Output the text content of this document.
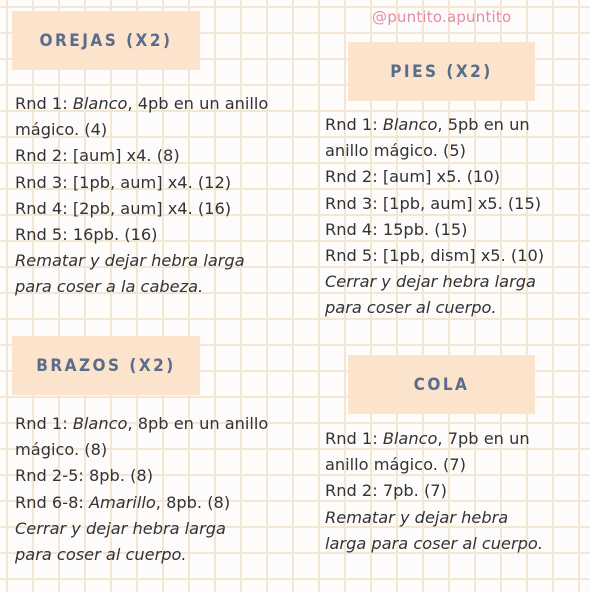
@puntito.apuntito
OREJAS (X2)
Rnd 1: Blanco, 4pb en un anillo
mágico. (4)
Rnd 2: [aum] x4. (8)
Rnd 3: [1pb, aum] x4. (12)
Rnd 4: [2pb, aum] x4. (16)
Rnd 5: 16pb. (16)
Rematar y dejar hebra larga
para coser a la cabeza.
PIES (X2)
Rnd 1: Blanco, 5pb en un
anillo mágico. (5)
Rnd 2: [aum] x5. (10)
Rnd 3: [1pb, aum] x5. (15)
Rnd 4: 15pb. (15)
Rnd 5: [1pb, dism] x5. (10)
Cerrar y dejar hebra larga
para coser al cuerpo.
BRAZOS (X2)
Rnd 1: Blanco, 8pb en un anillo
mágico. (8)
Rnd 2-5: 8pb. (8)
Rnd 6-8: Amarillo, 8pb. (8)
Cerrar y dejar hebra larga
para coser al cuerpo.
COLA
Rnd 1: Blanco, 7pb en un
anillo mágico. (7)
Rnd 2: 7pb. (7)
Rematar y dejar hebra
larga para coser al cuerpo.
